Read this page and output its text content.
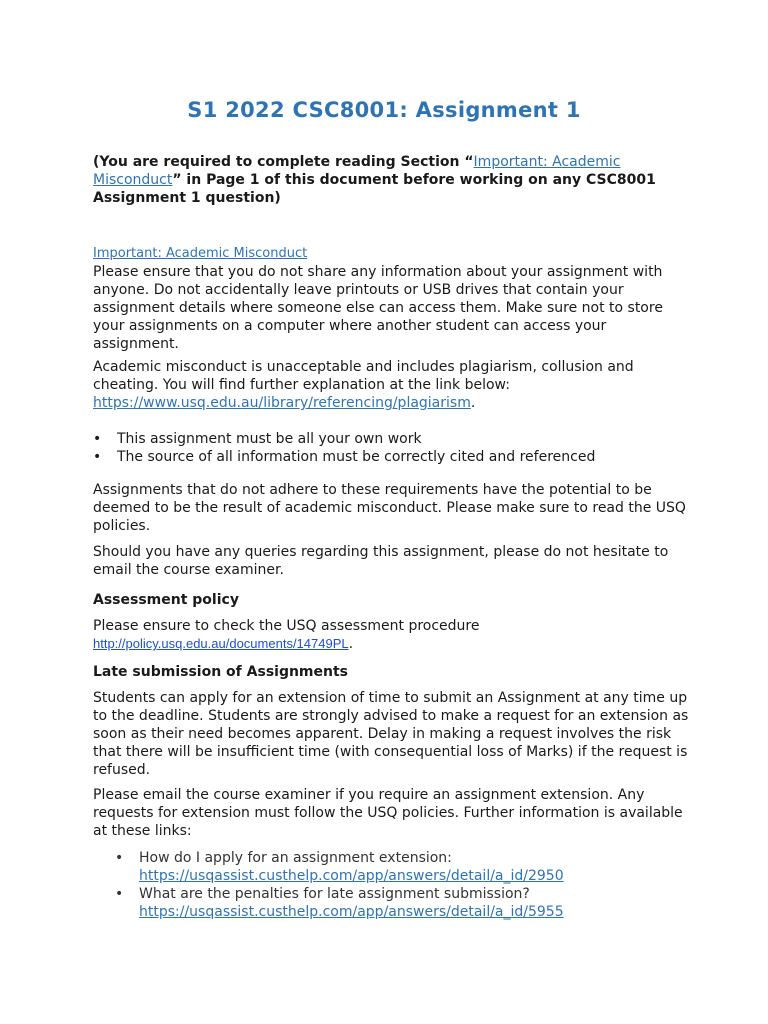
S1 2022 CSC8001: Assignment 1
(You are required to complete reading Section “Important: Academic Misconduct” in Page 1 of this document before working on any CSC8001 Assignment 1 question)
Important: Academic Misconduct
Please ensure that you do not share any information about your assignment with anyone. Do not accidentally leave printouts or USB drives that contain your assignment details where someone else can access them. Make sure not to store your assignments on a computer where another student can access your assignment.
Academic misconduct is unacceptable and includes plagiarism, collusion and cheating. You will find further explanation at the link below: https://www.usq.edu.au/library/referencing/plagiarism.
• This assignment must be all your own work
• The source of all information must be correctly cited and referenced
Assignments that do not adhere to these requirements have the potential to be deemed to be the result of academic misconduct. Please make sure to read the USQ policies.
Should you have any queries regarding this assignment, please do not hesitate to email the course examiner.
Assessment policy
Please ensure to check the USQ assessment procedure
http://policy.usq.edu.au/documents/14749PL.
Late submission of Assignments
Students can apply for an extension of time to submit an Assignment at any time up to the deadline. Students are strongly advised to make a request for an extension as soon as their need becomes apparent. Delay in making a request involves the risk that there will be insufficient time (with consequential loss of Marks) if the request is refused.
Please email the course examiner if you require an assignment extension. Any requests for extension must follow the USQ policies. Further information is available at these links:
• How do I apply for an assignment extension:
https://usqassist.custhelp.com/app/answers/detail/a_id/2950
• What are the penalties for late assignment submission?
https://usqassist.custhelp.com/app/answers/detail/a_id/5955
